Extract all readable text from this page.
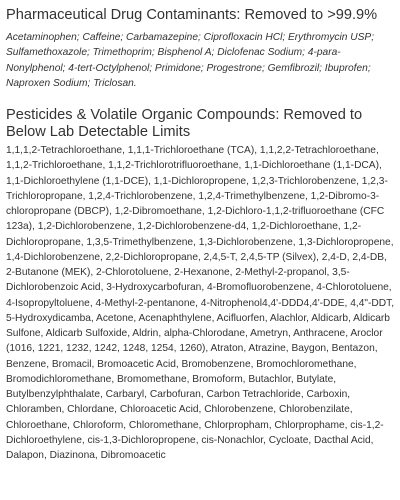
Pharmaceutical Drug Contaminants: Removed to >99.9%

Acetaminophen; Caffeine; Carbamazepine; Ciprofloxacin HCl; Erythromycin USP; Sulfamethoxazole; Trimethoprim; Bisphenol A; Diclofenac Sodium; 4-para-Nonylphenol; 4-tert-Octylphenol; Primidone; Progestrone; Gemfibrozil; Ibuprofen; Naproxen Sodium; Triclosan.

Pesticides & Volatile Organic Compounds: Removed to Below Lab Detectable Limits

1,1,1,2-Tetrachloroethane, 1,1,1-Trichloroethane (TCA), 1,1,2,2-Tetrachloroethane, 1,1,2-Trichloroethane, 1,1,2-Trichlorotrifluoroethane, 1,1-Dichloroethane (1,1-DCA), 1,1-Dichloroethylene (1,1-DCE), 1,1-Dichloropropene, 1,2,3-Trichlorobenzene, 1,2,3-Trichloropropane, 1,2,4-Trichlorobenzene, 1,2,4-Trimethylbenzene, 1,2-Dibromo-3-chloropropane (DBCP), 1,2-Dibromoethane, 1,2-Dichloro-1,1,2-trifluoroethane (CFC 123a), 1,2-Dichlorobenzene, 1,2-Dichlorobenzene-d4, 1,2-Dichloroethane, 1,2-Dichloropropane, 1,3,5-Trimethylbenzene, 1,3-Dichlorobenzene, 1,3-Dichloropropene, 1,4-Dichlorobenzene, 2,2-Dichloropropane, 2,4,5-T, 2,4,5-TP (Silvex), 2,4-D, 2,4-DB, 2-Butanone (MEK), 2-Chlorotoluene, 2-Hexanone, 2-Methyl-2-propanol, 3,5-Dichlorobenzoic Acid, 3-Hydroxycarbofuran, 4-Bromofluorobenzene, 4-Chlorotoluene, 4-Isopropyltoluene, 4-Methyl-2-pentanone, 4-Nitrophenol4,4'-DDD4,4'-DDE, 4,4"-DDT, 5-Hydroxydicamba, Acetone, Acenaphthylene, Acifluorfen, Alachlor, Aldicarb, Aldicarb Sulfone, Aldicarb Sulfoxide, Aldrin, alpha-Chlorodane, Ametryn, Anthracene, Aroclor (1016, 1221, 1232, 1242, 1248, 1254, 1260), Atraton, Atrazine, Baygon, Bentazon, Benzene, Bromacil, Bromoacetic Acid, Bromobenzene, Bromochloromethane, Bromodichloromethane, Bromomethane, Bromoform, Butachlor, Butylate, Butylbenzylphthalate, Carbaryl, Carbofuran, Carbon Tetrachloride, Carboxin, Chloramben, Chlordane, Chloroacetic Acid, Chlorobenzene, Chlorobenzilate, Chloroethane, Chloroform, Chloromethane, Chlorpropham, Chlorprophame, cis-1,2-Dichloroethylene, cis-1,3-Dichloropropene, cis-Nonachlor, Cycloate, Dacthal Acid, Dalapon, Diazinona, Dibromoacetic
